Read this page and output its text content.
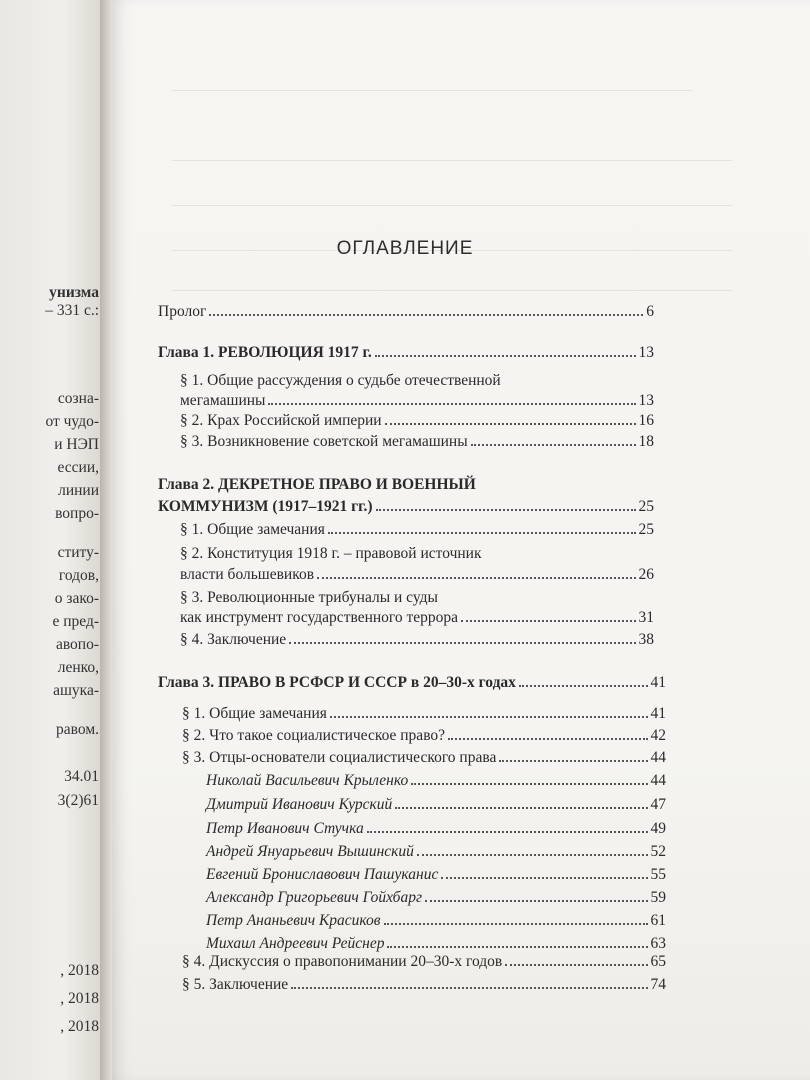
унизма
– 331 с.:
созна-
от чудо-
и НЭП
ессии,
линии
вопро-
ститу-
годов,
о зако-
е пред-
авопо-
ленко,
ашука-
равом.
34.01
3(2)61
, 2018
, 2018
, 2018
ОГЛАВЛЕНИЕ
Пролог	6
Глава 1. РЕВОЛЮЦИЯ 1917 г.	13
§ 1. Общие рассуждения о судьбе отечественной
мегамашины	13
§ 2. Крах Российской империи	16
§ 3. Возникновение советской мегамашины	18
Глава 2. ДЕКРЕТНОЕ ПРАВО И ВОЕННЫЙ
КОММУНИЗМ (1917–1921 гг.)	25
§ 1. Общие замечания	25
§ 2. Конституция 1918 г. – правовой источник
власти большевиков	26
§ 3. Революционные трибуналы и суды
как инструмент государственного террора	31
§ 4. Заключение	38
Глава 3. ПРАВО В РСФСР И СССР в 20–30-х годах	41
§ 1. Общие замечания	41
§ 2. Что такое социалистическое право?	42
§ 3. Отцы-основатели социалистического права	44
Николай Васильевич Крыленко	44
Дмитрий Иванович Курский	47
Петр Иванович Стучка	49
Андрей Януарьевич Вышинский	52
Евгений Брониславович Пашуканис	55
Александр Григорьевич Гойхбарг	59
Петр Ананьевич Красиков	61
Михаил Андреевич Рейснер	63
§ 4. Дискуссия о правопонимании 20–30-х годов	65
§ 5. Заключение	74
